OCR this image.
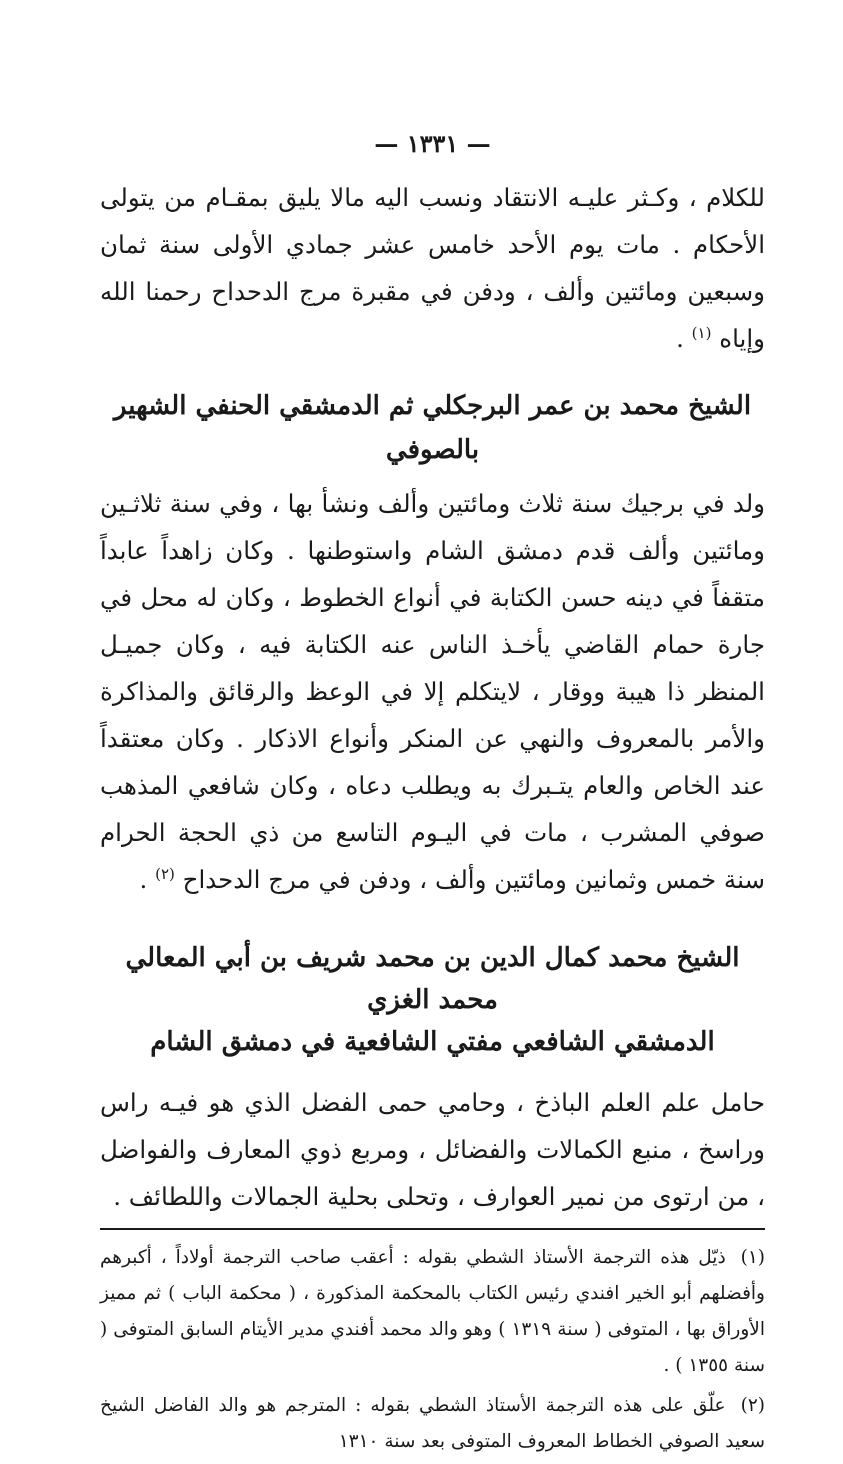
— ١٣٣١ —

للكلام ، وكـثر عليـه الانتقاد ونسب اليه مالا يليق بمقـام من يتولى الأحكام . مات يوم الأحد خامس عشر جمادي الأولى سنة ثمان وسبعين ومائتين وألف ، ودفن في مقبرة مرج الدحداح رحمنا الله وإياه $^{(١)}$ .

الشيخ محمد بن عمر البرجكلي ثم الدمشقي الحنفي الشهير بالصوفي

ولد في برجيك سنة ثلاث ومائتين وألف ونشأ بها ، وفي سنة ثلاثـين ومائتين وألف قدم دمشق الشام واستوطنها . وكان زاهداً عابداً متقفاً في دينه حسن الكتابة في أنواع الخطوط ، وكان له محل في جارة حمام القاضي يأخـذ الناس عنه الكتابة فيه ، وكان جميـل المنظر ذا هيبة ووقار ، لايتكلم إلا في الوعظ والرقائق والمذاكرة والأمر بالمعروف والنهي عن المنكر وأنواع الاذكار . وكان معتقداً عند الخاص والعام يتـبرك به ويطلب دعاه ، وكان شافعي المذهب صوفي المشرب ، مات في اليـوم التاسع من ذي الحجة الحرام سنة خمس وثمانين ومائتين وألف ، ودفن في مرج الدحداح $^{(٢)}$ .

الشيخ محمد كمال الدين بن محمد شريف بن أبي المعالي محمد الغزي
الدمشقي الشافعي مفتي الشافعية في دمشق الشام

حامل علم العلم الباذخ ، وحامي حمى الفضل الذي هو فيـه راس وراسخ ، منبع الكمالات والفضائل ، ومربع ذوي المعارف والفواضل ، من ارتوى من نمير العوارف ، وتحلى بحلية الجمالات واللطائف .

(١) ذيّل هذه الترجمة الأستاذ الشطي بقوله : أعقب صاحب الترجمة أولاداً ، أكبرهم وأفضلهم أبو الخير افندي رئيس الكتاب بالمحكمة المذكورة ، ( محكمة الباب ) ثم مميز الأوراق بها ، المتوفى ( سنة ١٣١٩ ) وهو والد محمد أفندي مدير الأيتام السابق المتوفى ( سنة ١٣٥٥ ) .

(٢) علّق على هذه الترجمة الأستاذ الشطي بقوله : المترجم هو والد الفاضل الشيخ سعيد الصوفي الخطاط المعروف المتوفى بعد سنة ١٣١٠
